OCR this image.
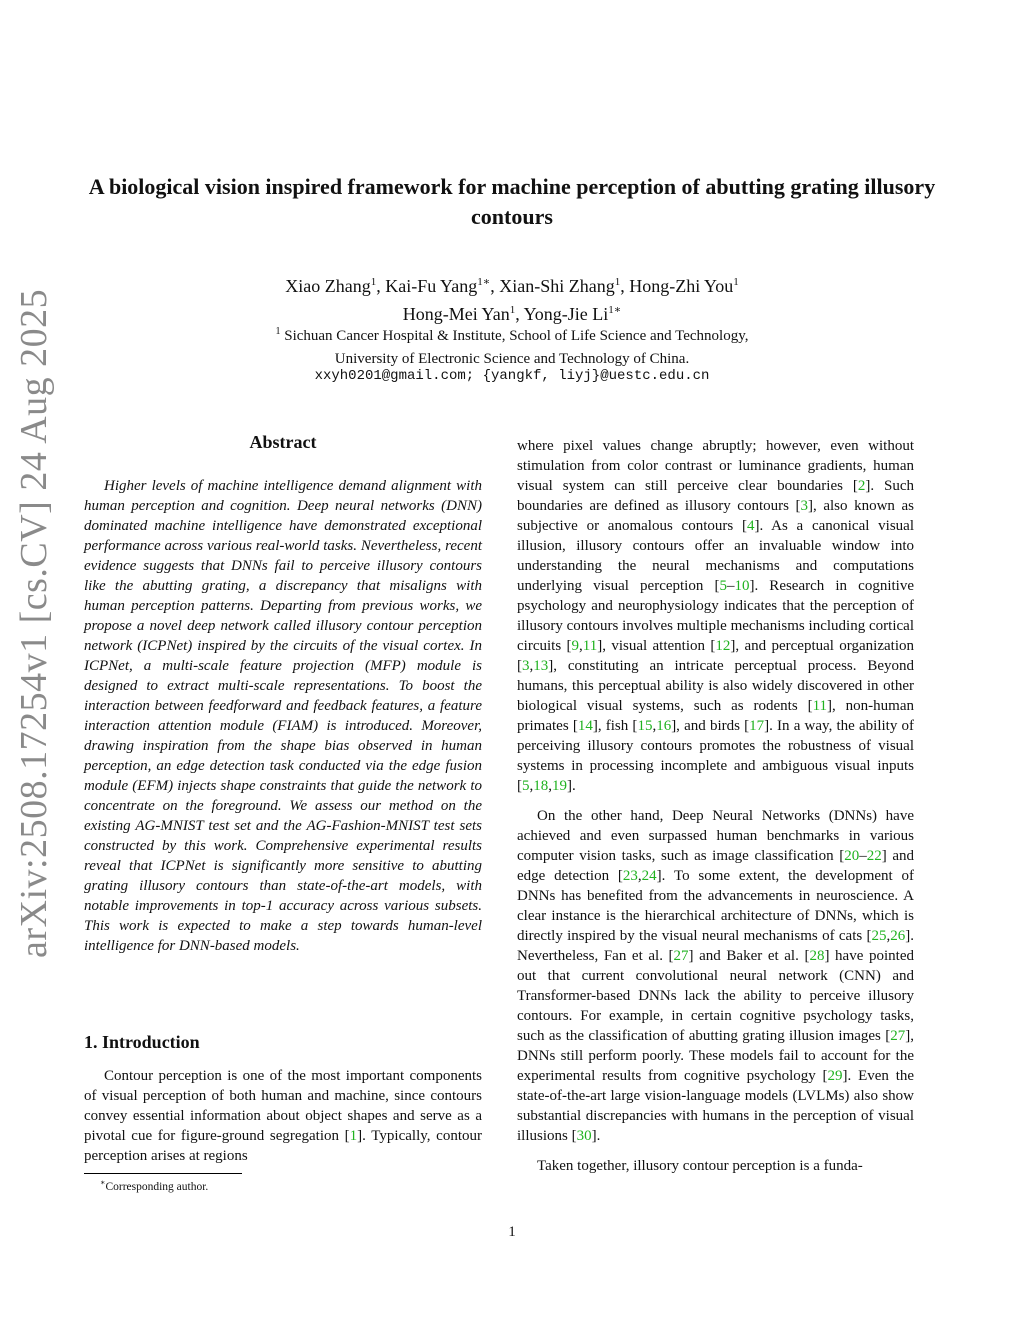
arXiv:2508.17254v1 [cs.CV] 24 Aug 2025
A biological vision inspired framework for machine perception of abutting grating illusory contours
Xiao Zhang$^1$, Kai-Fu Yang$^{1∗}$, Xian-Shi Zhang$^1$, Hong-Zhi You$^1$
Hong-Mei Yan$^1$, Yong-Jie $Li^{1∗}$
$^1$ Sichuan Cancer Hospital & Institute, School of Life Science and Technology,
University of Electronic Science and Technology of China.
xxyh0201@gmail.com; {yangkf, liyj}@uestc.edu.cn
Abstract
Higher levels of machine intelligence demand alignment with human perception and cognition. Deep neural networks (DNN) dominated machine intelligence have demonstrated exceptional performance across various real-world tasks. Nevertheless, recent evidence suggests that DNNs fail to perceive illusory contours like the abutting grating, a discrepancy that misaligns with human perception patterns. Departing from previous works, we propose a novel deep network called illusory contour perception network (ICPNet) inspired by the circuits of the visual cortex. In ICPNet, a multi-scale feature projection (MFP) module is designed to extract multi-scale representations. To boost the interaction between feedforward and feedback features, a feature interaction attention module (FIAM) is introduced. Moreover, drawing inspiration from the shape bias observed in human perception, an edge detection task conducted via the edge fusion module (EFM) injects shape constraints that guide the network to concentrate on the foreground. We assess our method on the existing AG-MNIST test set and the AG-Fashion-MNIST test sets constructed by this work. Comprehensive experimental results reveal that ICPNet is significantly more sensitive to abutting grating illusory contours than state-of-the-art models, with notable improvements in top-1 accuracy across various subsets. This work is expected to make a step towards human-level intelligence for DNN-based models.
1. Introduction
Contour perception is one of the most important components of visual perception of both human and machine, since contours convey essential information about object shapes and serve as a pivotal cue for figure-ground segregation [1]. Typically, contour perception arises at regions

where pixel values change abruptly; however, even without stimulation from color contrast or luminance gradients, human visual system can still perceive clear boundaries [2]. Such boundaries are defined as illusory contours [3], also known as subjective or anomalous contours [4]. As a canonical visual illusion, illusory contours offer an invaluable window into understanding the neural mechanisms and computations underlying visual perception [5–10]. Research in cognitive psychology and neurophysiology indicates that the perception of illusory contours involves multiple mechanisms including cortical circuits [9,11], visual attention [12], and perceptual organization [3,13], constituting an intricate perceptual process. Beyond humans, this perceptual ability is also widely discovered in other biological visual systems, such as rodents [11], non-human primates [14], fish [15,16], and birds [17]. In a way, the ability of perceiving illusory contours promotes the robustness of visual systems in processing incomplete and ambiguous visual inputs [5,18,19].

On the other hand, Deep Neural Networks (DNNs) have achieved and even surpassed human benchmarks in various computer vision tasks, such as image classification [20–22] and edge detection [23,24]. To some extent, the development of DNNs has benefited from the advancements in neuroscience. A clear instance is the hierarchical architecture of DNNs, which is directly inspired by the visual neural mechanisms of cats [25,26]. Nevertheless, Fan et al. [27] and Baker et al. [28] have pointed out that current convolutional neural network (CNN) and Transformer-based DNNs lack the ability to perceive illusory contours. For example, in certain cognitive psychology tasks, such as the classification of abutting grating illusion images [27], DNNs still perform poorly. These models fail to account for the experimental results from cognitive psychology [29]. Even the state-of-the-art large vision-language models (LVLMs) also show substantial discrepancies with humans in the perception of visual illusions [30].

Taken together, illusory contour perception is a funda-

∗Corresponding author.
1
